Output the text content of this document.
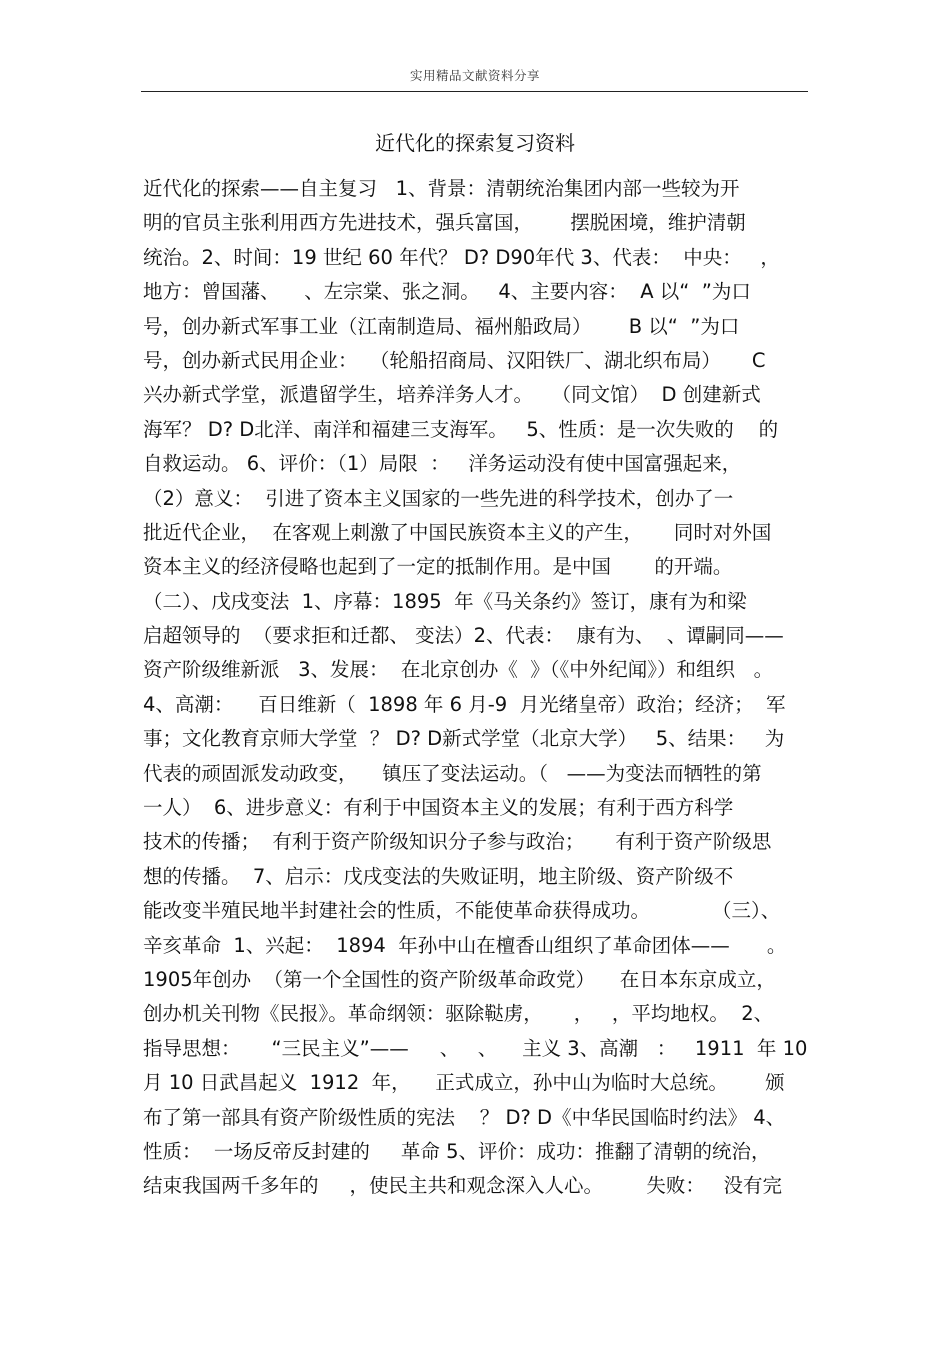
实用精品文献资料分享
近代化的探索复习资料
近代化的探索——自主复习   1、背景：清朝统治集团内部一些较为开
明的官员主张利用西方先进技术，强兵富国，      摆脱困境，维护清朝
统治。2、时间：19 世纪 60 年代？ D? D90年代 3、代表：  中央：   ，
地方：曾国藩、    、左宗棠、张之洞。   4、主要内容：  A 以“  ”为口
号，创办新式军事工业（江南制造局、福州船政局）      B 以“  ”为口
号，创办新式民用企业：  （轮船招商局、汉阳铁厂、湖北织布局）     C
兴办新式学堂，派遣留学生，培养洋务人才。   （同文馆）  D 创建新式
海军？ D? D北洋、南洋和福建三支海军。   5、性质：是一次失败的    的
自救运动。 6、评价：（1）局限  ：   洋务运动没有使中国富强起来，
（2）意义：  引进了资本主义国家的一些先进的科学技术，创办了一
批近代企业，  在客观上刺激了中国民族资本主义的产生，     同时对外国
资本主义的经济侵略也起到了一定的抵制作用。是中国       的开端。
（二）、戊戌变法  1、序幕：1895  年《马关条约》签订，康有为和梁
启超领导的  （要求拒和迁都、 变法）2、代表：  康有为、  、谭嗣同——
资产阶级维新派   3、发展：  在北京创办《  》（《中外纪闻》）和组织   。
4、高潮：    百日维新（  1898 年 6 月-9  月光绪皇帝）政治；经济；  军
事；文化教育京师大学堂  ？ D? D新式学堂（北京大学）   5、结果：   为
代表的顽固派发动政变，    镇压了变法运动。（   ——为变法而牺牲的第
一人）  6、进步意义：有利于中国资本主义的发展；有利于西方科学
技术的传播；  有利于资产阶级知识分子参与政治；     有利于资产阶级思
想的传播。  7、启示：戊戌变法的失败证明，地主阶级、资产阶级不
能改变半殖民地半封建社会的性质，不能使革命获得成功。          （三）、
辛亥革命  1、兴起：  1894  年孙中山在檀香山组织了革命团体——      。
1905年创办  （第一个全国性的资产阶级革命政党）    在日本东京成立，
创办机关刊物《民报》。革命纲领：驱除鞑虏，     ，   ，平均地权。  2、
指导思想：     “三民主义”——     、   、    主义 3、高潮   ：   1911  年 10
月 10 日武昌起义  1912  年，    正式成立，孙中山为临时大总统。      颁
布了第一部具有资产阶级性质的宪法    ？ D? D《中华民国临时约法》 4、
性质：  一场反帝反封建的     革命 5、评价：成功：推翻了清朝的统治，
结束我国两千多年的     ，使民主共和观念深入人心。       失败：   没有完
